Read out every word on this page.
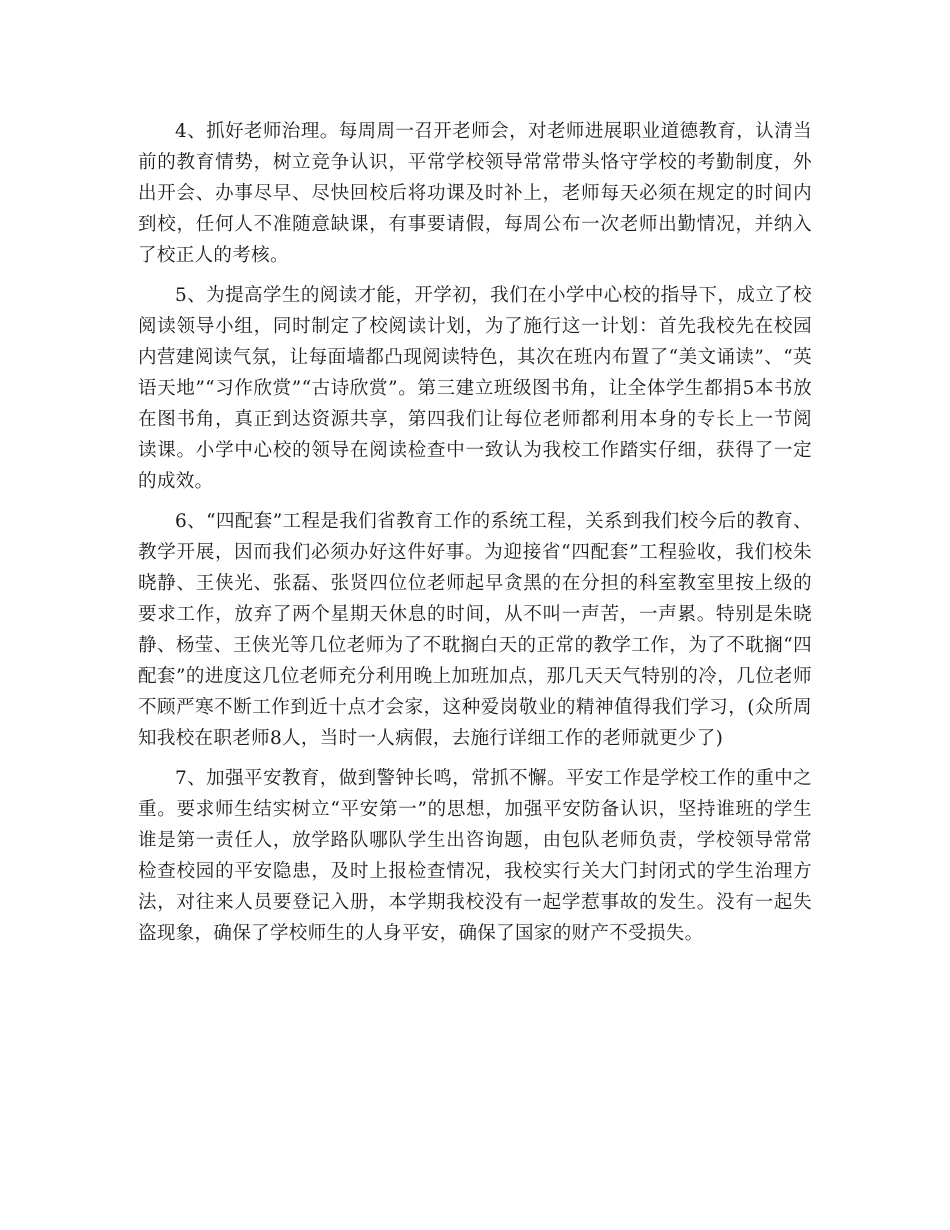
4、抓好老师治理。每周周一召开老师会，对老师进展职业道德教育，认清当前的教育情势，树立竞争认识，平常学校领导常常带头恪守学校的考勤制度，外出开会、办事尽早、尽快回校后将功课及时补上，老师每天必须在规定的时间内到校，任何人不准随意缺课，有事要请假，每周公布一次老师出勤情况，并纳入了校正人的考核。

5、为提高学生的阅读才能，开学初，我们在小学中心校的指导下，成立了校阅读领导小组，同时制定了校阅读计划，为了施行这一计划：首先我校先在校园内营建阅读气氛，让每面墙都凸现阅读特色，其次在班内布置了“美文诵读”、“英语天地”“习作欣赏”“古诗欣赏”。第三建立班级图书角，让全体学生都捐5本书放在图书角，真正到达资源共享，第四我们让每位老师都利用本身的专长上一节阅读课。小学中心校的领导在阅读检查中一致认为我校工作踏实仔细，获得了一定的成效。

6、“四配套”工程是我们省教育工作的系统工程，关系到我们校今后的教育、教学开展，因而我们必须办好这件好事。为迎接省“四配套”工程验收，我们校朱晓静、王侠光、张磊、张贤四位位老师起早贪黑的在分担的科室教室里按上级的要求工作，放弃了两个星期天休息的时间，从不叫一声苦，一声累。特别是朱晓静、杨莹、王侠光等几位老师为了不耽搁白天的正常的教学工作，为了不耽搁“四配套”的进度这几位老师充分利用晚上加班加点，那几天天气特别的冷，几位老师不顾严寒不断工作到近十点才会家，这种爱岗敬业的精神值得我们学习，(众所周知我校在职老师8人，当时一人病假，去施行详细工作的老师就更少了)

7、加强平安教育，做到警钟长鸣，常抓不懈。平安工作是学校工作的重中之重。要求师生结实树立“平安第一”的思想，加强平安防备认识，坚持谁班的学生谁是第一责任人，放学路队哪队学生出咨询题，由包队老师负责，学校领导常常检查校园的平安隐患，及时上报检查情况，我校实行关大门封闭式的学生治理方法，对往来人员要登记入册，本学期我校没有一起学惹事故的发生。没有一起失盗现象，确保了学校师生的人身平安，确保了国家的财产不受损失。
